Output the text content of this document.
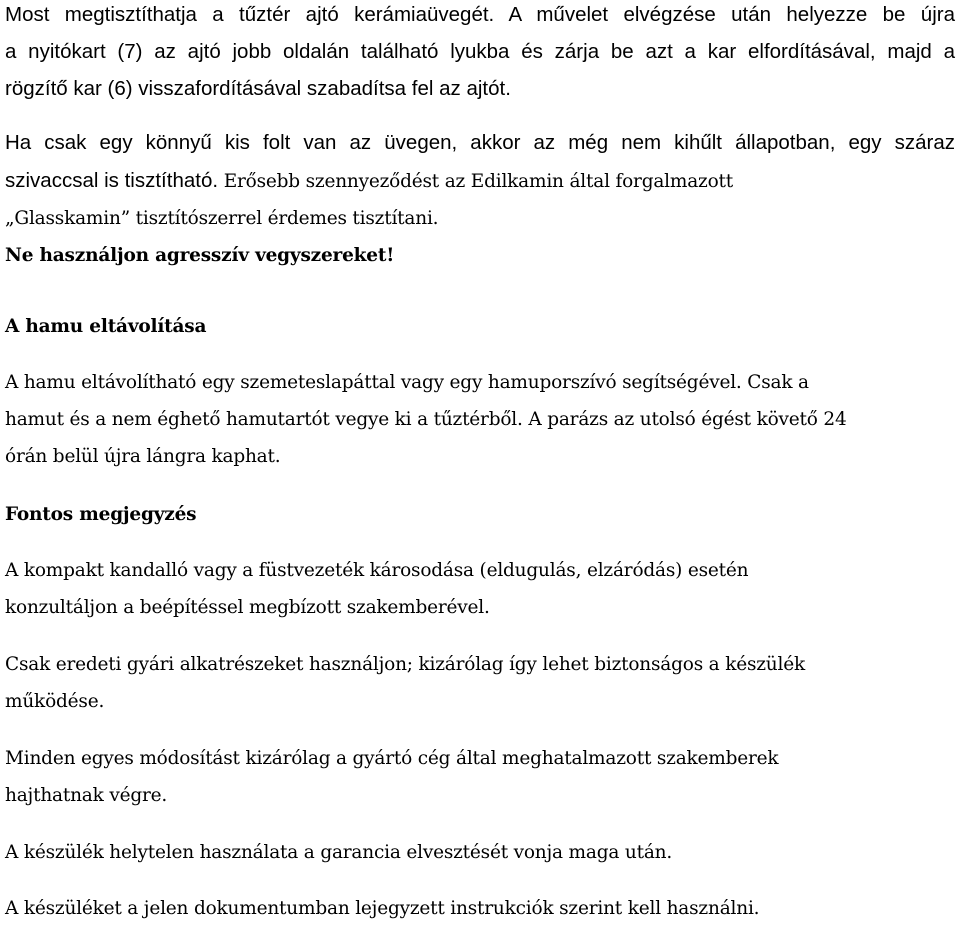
Most megtisztíthatja a tűztér ajtó kerámiaüvegét. A művelet elvégzése után helyezze be újra
a nyitókart (7) az ajtó jobb oldalán található lyukba és zárja be azt a kar elfordításával, majd a
rögzítő kar (6) visszafordításával szabadítsa fel az ajtót.

Ha csak egy könnyű kis folt van az üvegen, akkor az még nem kihűlt állapotban, egy száraz
szivaccsal is tisztítható. Erősebb szennyeződést az Edilkamin által forgalmazott
„Glasskamin” tisztítószerrel érdemes tisztítani.

Ne használjon agresszív vegyszereket!

A hamu eltávolítása

A hamu eltávolítható egy szemeteslapáttal vagy egy hamuporszívó segítségével. Csak a
hamut és a nem éghető hamutartót vegye ki a tűztérből. A parázs az utolsó égést követő 24
órán belül újra lángra kaphat.

Fontos megjegyzés

A kompakt kandalló vagy a füstvezeték károsodása (eldugulás, elzáródás) esetén
konzultáljon a beépítéssel megbízott szakemberével.

Csak eredeti gyári alkatrészeket használjon; kizárólag így lehet biztonságos a készülék
működése.

Minden egyes módosítást kizárólag a gyártó cég által meghatalmazott szakemberek
hajthatnak végre.

A készülék helytelen használata a garancia elvesztését vonja maga után.

A készüléket a jelen dokumentumban lejegyzett instrukciók szerint kell használni.
